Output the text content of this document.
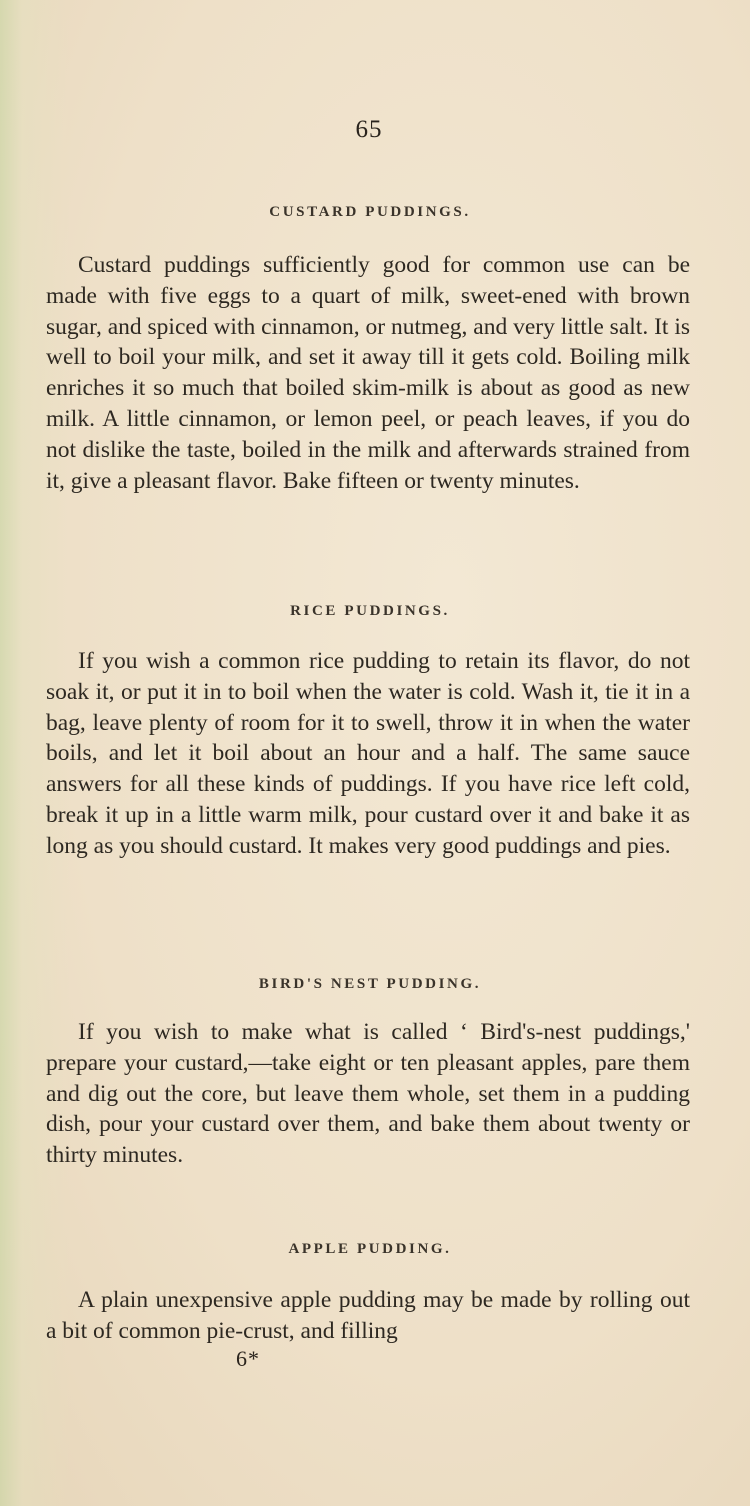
65
CUSTARD PUDDINGS.

Custard puddings sufficiently good for common use can be made with five eggs to a quart of milk, sweet-ened with brown sugar, and spiced with cinnamon, or nutmeg, and very little salt. It is well to boil your milk, and set it away till it gets cold. Boiling milk enriches it so much that boiled skim-milk is about as good as new milk. A little cinnamon, or lemon peel, or peach leaves, if you do not dislike the taste, boiled in the milk and afterwards strained from it, give a pleasant flavor. Bake fifteen or twenty minutes.

RICE PUDDINGS.

If you wish a common rice pudding to retain its flavor, do not soak it, or put it in to boil when the water is cold. Wash it, tie it in a bag, leave plenty of room for it to swell, throw it in when the water boils, and let it boil about an hour and a half. The same sauce answers for all these kinds of puddings. If you have rice left cold, break it up in a little warm milk, pour custard over it and bake it as long as you should custard. It makes very good puddings and pies.

BIRD'S NEST PUDDING.

If you wish to make what is called ‘ Bird's-nest puddings,' prepare your custard,—take eight or ten pleasant apples, pare them and dig out the core, but leave them whole, set them in a pudding dish, pour your custard over them, and bake them about twenty or thirty minutes.

APPLE PUDDING.

A plain unexpensive apple pudding may be made by rolling out a bit of common pie-crust, and filling

6*
